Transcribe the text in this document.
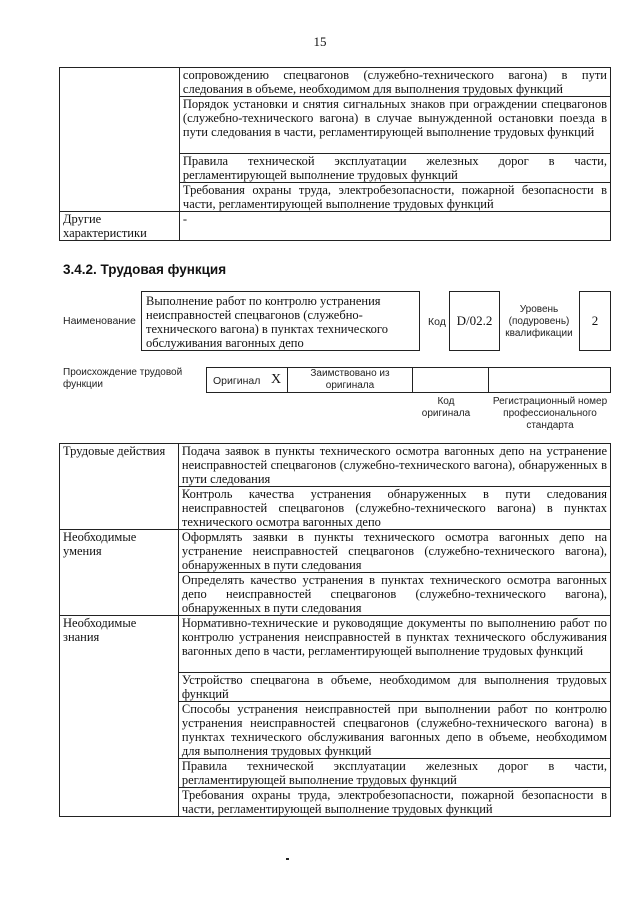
15
	сопровождению спецвагонов (служебно-технического вагона) в пути следования в объеме, необходимом для выполнения трудовых функций
	Порядок установки и снятия сигнальных знаков при ограждении спецвагонов (служебно-технического вагона) в случае вынужденной остановки поезда в пути следования в части, регламентирующей выполнение трудовых функций
	Правила технической эксплуатации железных дорог в части, регламентирующей выполнение трудовых функций
	Требования охраны труда, электробезопасности, пожарной безопасности в части, регламентирующей выполнение трудовых функций
Другие характеристики	-
3.4.2. Трудовая функция
Наименование
Выполнение работ по контролю устранения неисправностей спецвагонов (служебно-технического вагона) в пунктах технического обслуживания вагонных депо
Код D/02.2
Уровень (подуровень) квалификации
2
Происхождение трудовой функции	Оригинал X	Заимствовано из оригинала
Код оригинала
Регистрационный номер профессионального стандарта
Трудовые действия	Подача заявок в пункты технического осмотра вагонных депо на устранение неисправностей спецвагонов (служебно-технического вагона), обнаруженных в пути следования
	Контроль качества устранения обнаруженных в пути следования неисправностей спецвагонов (служебно-технического вагона) в пунктах технического осмотра вагонных депо
Необходимые умения	Оформлять заявки в пункты технического осмотра вагонных депо на устранение неисправностей спецвагонов (служебно-технического вагона), обнаруженных в пути следования
	Определять качество устранения в пунктах технического осмотра вагонных депо неисправностей спецвагонов (служебно-технического вагона), обнаруженных в пути следования
Необходимые знания	Нормативно-технические и руководящие документы по выполнению работ по контролю устранения неисправностей в пунктах технического обслуживания вагонных депо в части, регламентирующей выполнение трудовых функций
	Устройство спецвагона в объеме, необходимом для выполнения трудовых функций
	Способы устранения неисправностей при выполнении работ по контролю устранения неисправностей спецвагонов (служебно-технического вагона) в пунктах технического обслуживания вагонных депо в объеме, необходимом для выполнения трудовых функций
	Правила технической эксплуатации железных дорог в части, регламентирующей выполнение трудовых функций
	Требования охраны труда, электробезопасности, пожарной безопасности в части, регламентирующей выполнение трудовых функций
